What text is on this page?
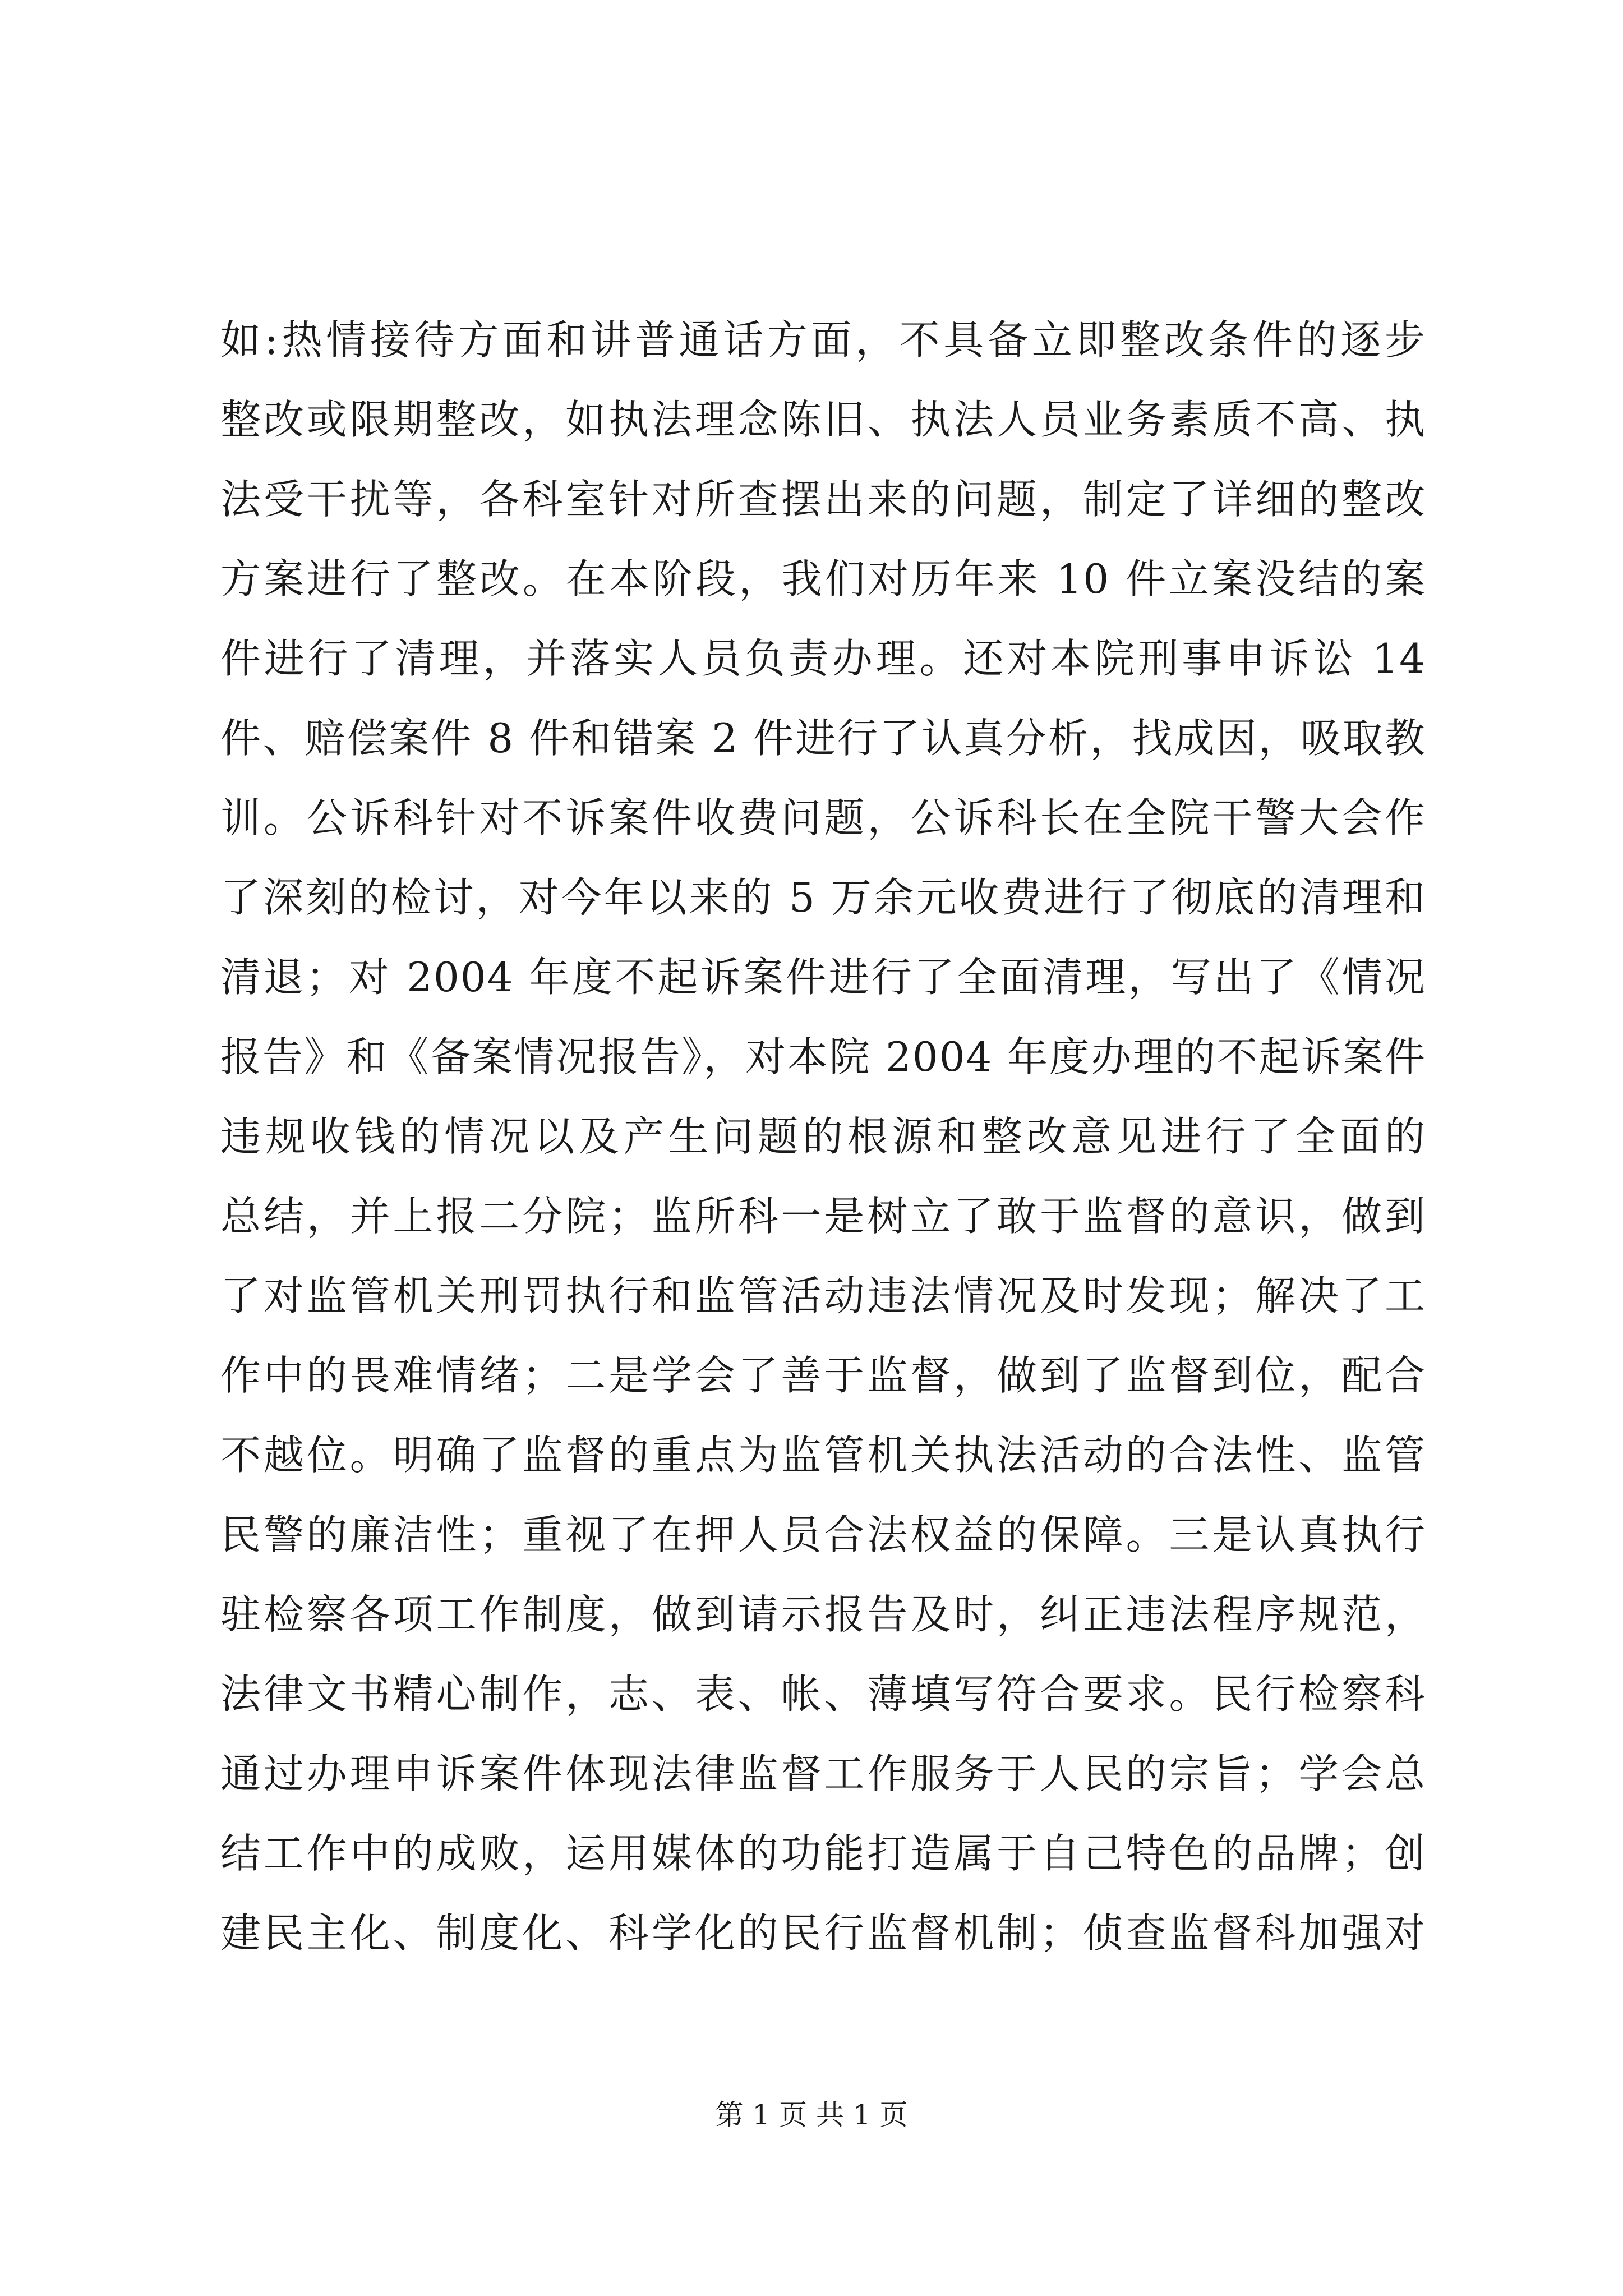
如:热情接待方面和讲普通话方面，不具备立即整改条件的逐步
整改或限期整改，如执法理念陈旧、执法人员业务素质不高、执
法受干扰等，各科室针对所查摆出来的问题，制定了详细的整改
方案进行了整改。在本阶段，我们对历年来 10 件立案没结的案
件进行了清理，并落实人员负责办理。还对本院刑事申诉讼 14
件、赔偿案件 8 件和错案 2 件进行了认真分析，找成因，吸取教
训。公诉科针对不诉案件收费问题，公诉科长在全院干警大会作
了深刻的检讨，对今年以来的 5 万余元收费进行了彻底的清理和
清退；对 2004 年度不起诉案件进行了全面清理，写出了《情况
报告》和《备案情况报告》，对本院 2004 年度办理的不起诉案件
违规收钱的情况以及产生问题的根源和整改意见进行了全面的
总结，并上报二分院；监所科一是树立了敢于监督的意识，做到
了对监管机关刑罚执行和监管活动违法情况及时发现；解决了工
作中的畏难情绪；二是学会了善于监督，做到了监督到位，配合
不越位。明确了监督的重点为监管机关执法活动的合法性、监管
民警的廉洁性；重视了在押人员合法权益的保障。三是认真执行
驻检察各项工作制度，做到请示报告及时，纠正违法程序规范，
法律文书精心制作，志、表、帐、薄填写符合要求。民行检察科
通过办理申诉案件体现法律监督工作服务于人民的宗旨；学会总
结工作中的成败，运用媒体的功能打造属于自己特色的品牌；创
建民主化、制度化、科学化的民行监督机制；侦查监督科加强对
第 1 页 共 1 页
